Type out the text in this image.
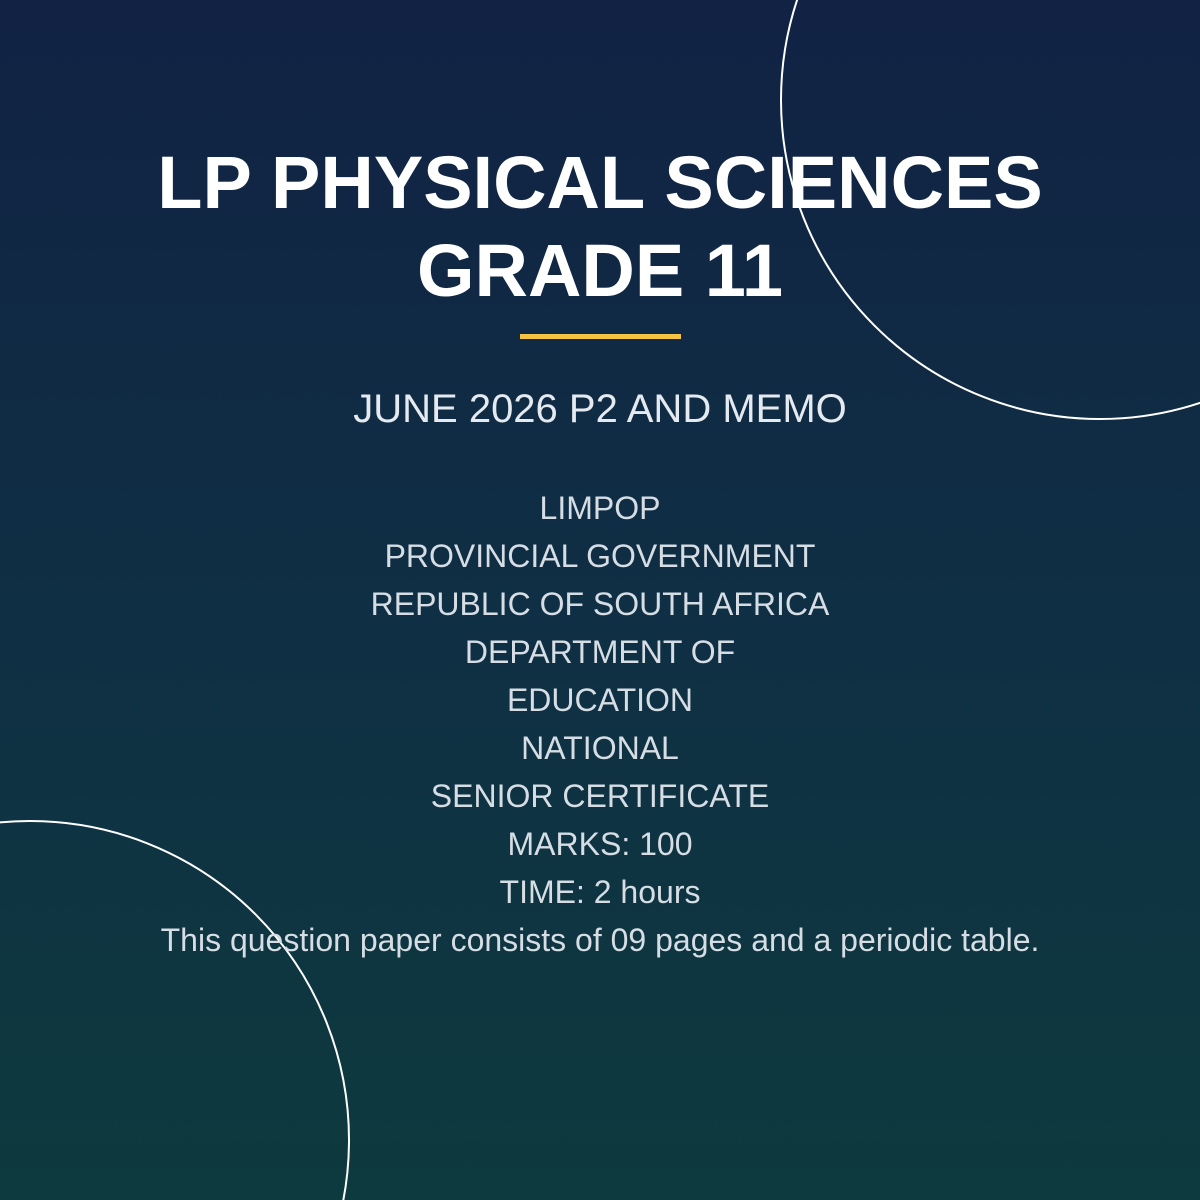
LP PHYSICAL SCIENCES
GRADE 11
JUNE 2026 P2 AND MEMO
LIMPOP
PROVINCIAL GOVERNMENT
REPUBLIC OF SOUTH AFRICA
DEPARTMENT OF
EDUCATION
NATIONAL
SENIOR CERTIFICATE
MARKS: 100
TIME: 2 hours
This question paper consists of 09 pages and a periodic table.
